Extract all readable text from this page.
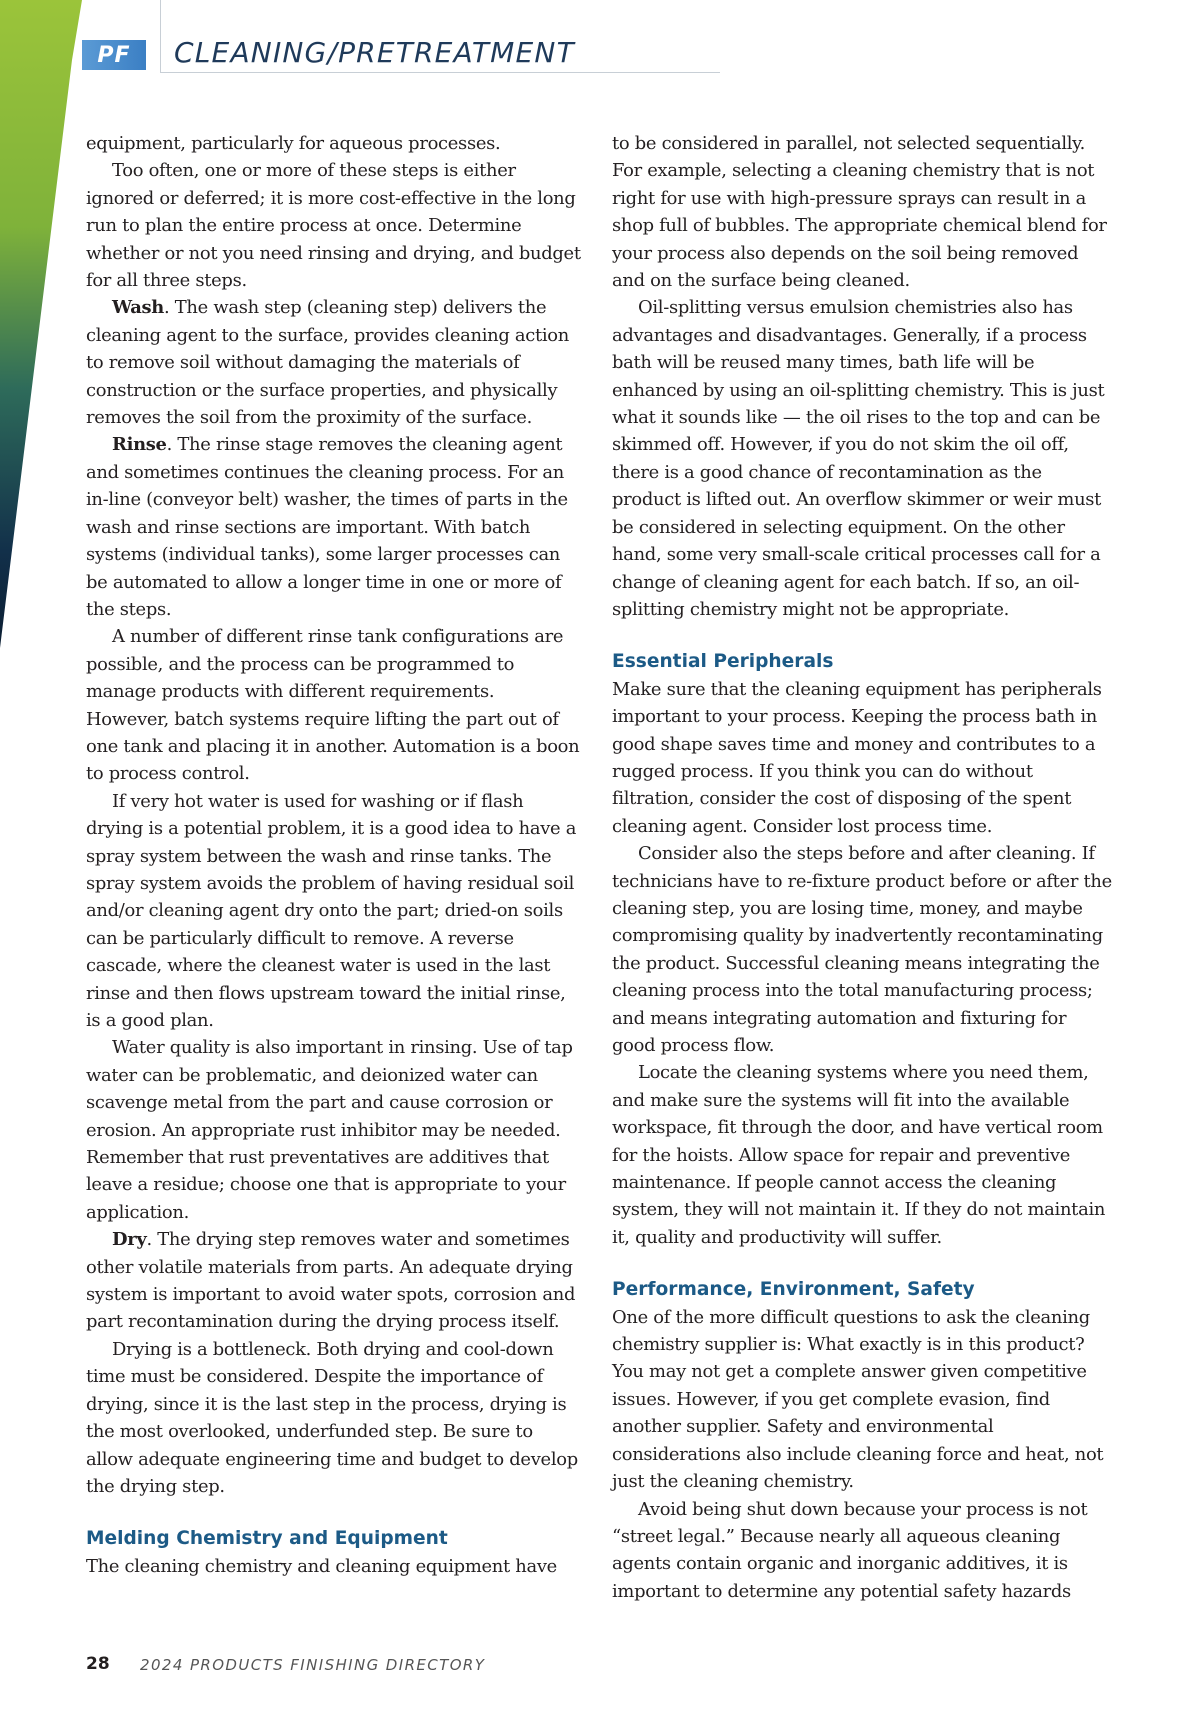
PF CLEANING/PRETREATMENT

equipment, particularly for aqueous processes.

Too often, one or more of these steps is either ignored or deferred; it is more cost-effective in the long run to plan the entire process at once. Determine whether or not you need rinsing and drying, and budget for all three steps.

Wash. The wash step (cleaning step) delivers the cleaning agent to the surface, provides cleaning action to remove soil without damaging the materials of construction or the surface properties, and physically removes the soil from the proximity of the surface.

Rinse. The rinse stage removes the cleaning agent and sometimes continues the cleaning process. For an in-line (conveyor belt) washer, the times of parts in the wash and rinse sections are important. With batch systems (individual tanks), some larger processes can be automated to allow a longer time in one or more of the steps.

A number of different rinse tank configurations are possible, and the process can be programmed to manage products with different requirements. However, batch systems require lifting the part out of one tank and placing it in another. Automation is a boon to process control.

If very hot water is used for washing or if flash drying is a potential problem, it is a good idea to have a spray system between the wash and rinse tanks. The spray system avoids the problem of having residual soil and/or cleaning agent dry onto the part; dried-on soils can be particularly difficult to remove. A reverse cascade, where the cleanest water is used in the last rinse and then flows upstream toward the initial rinse, is a good plan.

Water quality is also important in rinsing. Use of tap water can be problematic, and deionized water can scavenge metal from the part and cause corrosion or erosion. An appropriate rust inhibitor may be needed. Remember that rust preventatives are additives that leave a residue; choose one that is appropriate to your application.

Dry. The drying step removes water and sometimes other volatile materials from parts. An adequate drying system is important to avoid water spots, corrosion and part recontamination during the drying process itself.

Drying is a bottleneck. Both drying and cool-down time must be considered. Despite the importance of drying, since it is the last step in the process, drying is the most overlooked, underfunded step. Be sure to allow adequate engineering time and budget to develop the drying step.

Melding Chemistry and Equipment

The cleaning chemistry and cleaning equipment have

to be considered in parallel, not selected sequentially. For example, selecting a cleaning chemistry that is not right for use with high-pressure sprays can result in a shop full of bubbles. The appropriate chemical blend for your process also depends on the soil being removed and on the surface being cleaned.

Oil-splitting versus emulsion chemistries also has advantages and disadvantages. Generally, if a process bath will be reused many times, bath life will be enhanced by using an oil-splitting chemistry. This is just what it sounds like — the oil rises to the top and can be skimmed off. However, if you do not skim the oil off, there is a good chance of recontamination as the product is lifted out. An overflow skimmer or weir must be considered in selecting equipment. On the other hand, some very small-scale critical processes call for a change of cleaning agent for each batch. If so, an oil-splitting chemistry might not be appropriate.

Essential Peripherals

Make sure that the cleaning equipment has peripherals important to your process. Keeping the process bath in good shape saves time and money and contributes to a rugged process. If you think you can do without filtration, consider the cost of disposing of the spent cleaning agent. Consider lost process time.

Consider also the steps before and after cleaning. If technicians have to re-fixture product before or after the cleaning step, you are losing time, money, and maybe compromising quality by inadvertently recontaminating the product. Successful cleaning means integrating the cleaning process into the total manufacturing process; and means integrating automation and fixturing for good process flow.

Locate the cleaning systems where you need them, and make sure the systems will fit into the available workspace, fit through the door, and have vertical room for the hoists. Allow space for repair and preventive maintenance. If people cannot access the cleaning system, they will not maintain it. If they do not maintain it, quality and productivity will suffer.

Performance, Environment, Safety

One of the more difficult questions to ask the cleaning chemistry supplier is: What exactly is in this product? You may not get a complete answer given competitive issues. However, if you get complete evasion, find another supplier. Safety and environmental considerations also include cleaning force and heat, not just the cleaning chemistry.

Avoid being shut down because your process is not “street legal.” Because nearly all aqueous cleaning agents contain organic and inorganic additives, it is important to determine any potential safety hazards

28 2024 PRODUCTS FINISHING DIRECTORY
